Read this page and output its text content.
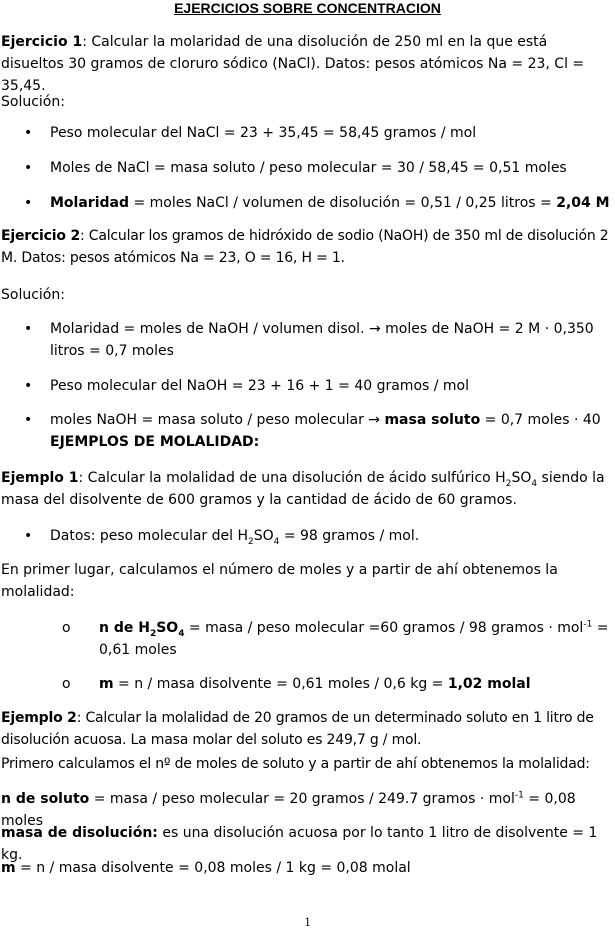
EJERCICIOS SOBRE CONCENTRACION
Ejercicio 1: Calcular la molaridad de una disolución de 250 ml en la que está disueltos 30 gramos de cloruro sódico (NaCl). Datos: pesos atómicos Na = 23, Cl = 35,45.
Solución:
• Peso molecular del NaCl = 23 + 35,45 = 58,45 gramos / mol
• Moles de NaCl = masa soluto / peso molecular = 30 / 58,45 = 0,51 moles
• Molaridad = moles NaCl / volumen de disolución = 0,51 / 0,25 litros = 2,04 M
Ejercicio 2: Calcular los gramos de hidróxido de sodio (NaOH) de 350 ml de disolución 2 M. Datos: pesos atómicos Na = 23, O = 16, H = 1.
Solución:
• Molaridad = moles de NaOH / volumen disol. → moles de NaOH = 2 M · 0,350 litros = 0,7 moles
• Peso molecular del NaOH = 23 + 16 + 1 = 40 gramos / mol
• moles NaOH = masa soluto / peso molecular → masa soluto = 0,7 moles · 40
EJEMPLOS DE MOLALIDAD:
Ejemplo 1: Calcular la molalidad de una disolución de ácido sulfúrico $H_2SO_4$ siendo la masa del disolvente de 600 gramos y la cantidad de ácido de 60 gramos.
• Datos: peso molecular del $H_2SO_4 = 98$ gramos / mol.
En primer lugar, calculamos el número de moles y a partir de ahí obtenemos la molalidad:
o n de $H_2SO_4$ = masa / peso molecular =60 gramos / 98 gramos · mol$^{-1}$ = 0,61 moles
o m = n / masa disolvente = 0,61 moles / 0,6 kg = 1,02 molal
Ejemplo 2: Calcular la molalidad de 20 gramos de un determinado soluto en 1 litro de disolución acuosa. La masa molar del soluto es 249,7 g / mol.
Primero calculamos el nº de moles de soluto y a partir de ahí obtenemos la molalidad:
n de soluto = masa / peso molecular = 20 gramos / 249.7 gramos · mol$^{-1}$ = 0,08 moles
masa de disolución: es una disolución acuosa por lo tanto 1 litro de disolvente = 1 kg.
m = n / masa disolvente = 0,08 moles / 1 kg = 0,08 molal
1
